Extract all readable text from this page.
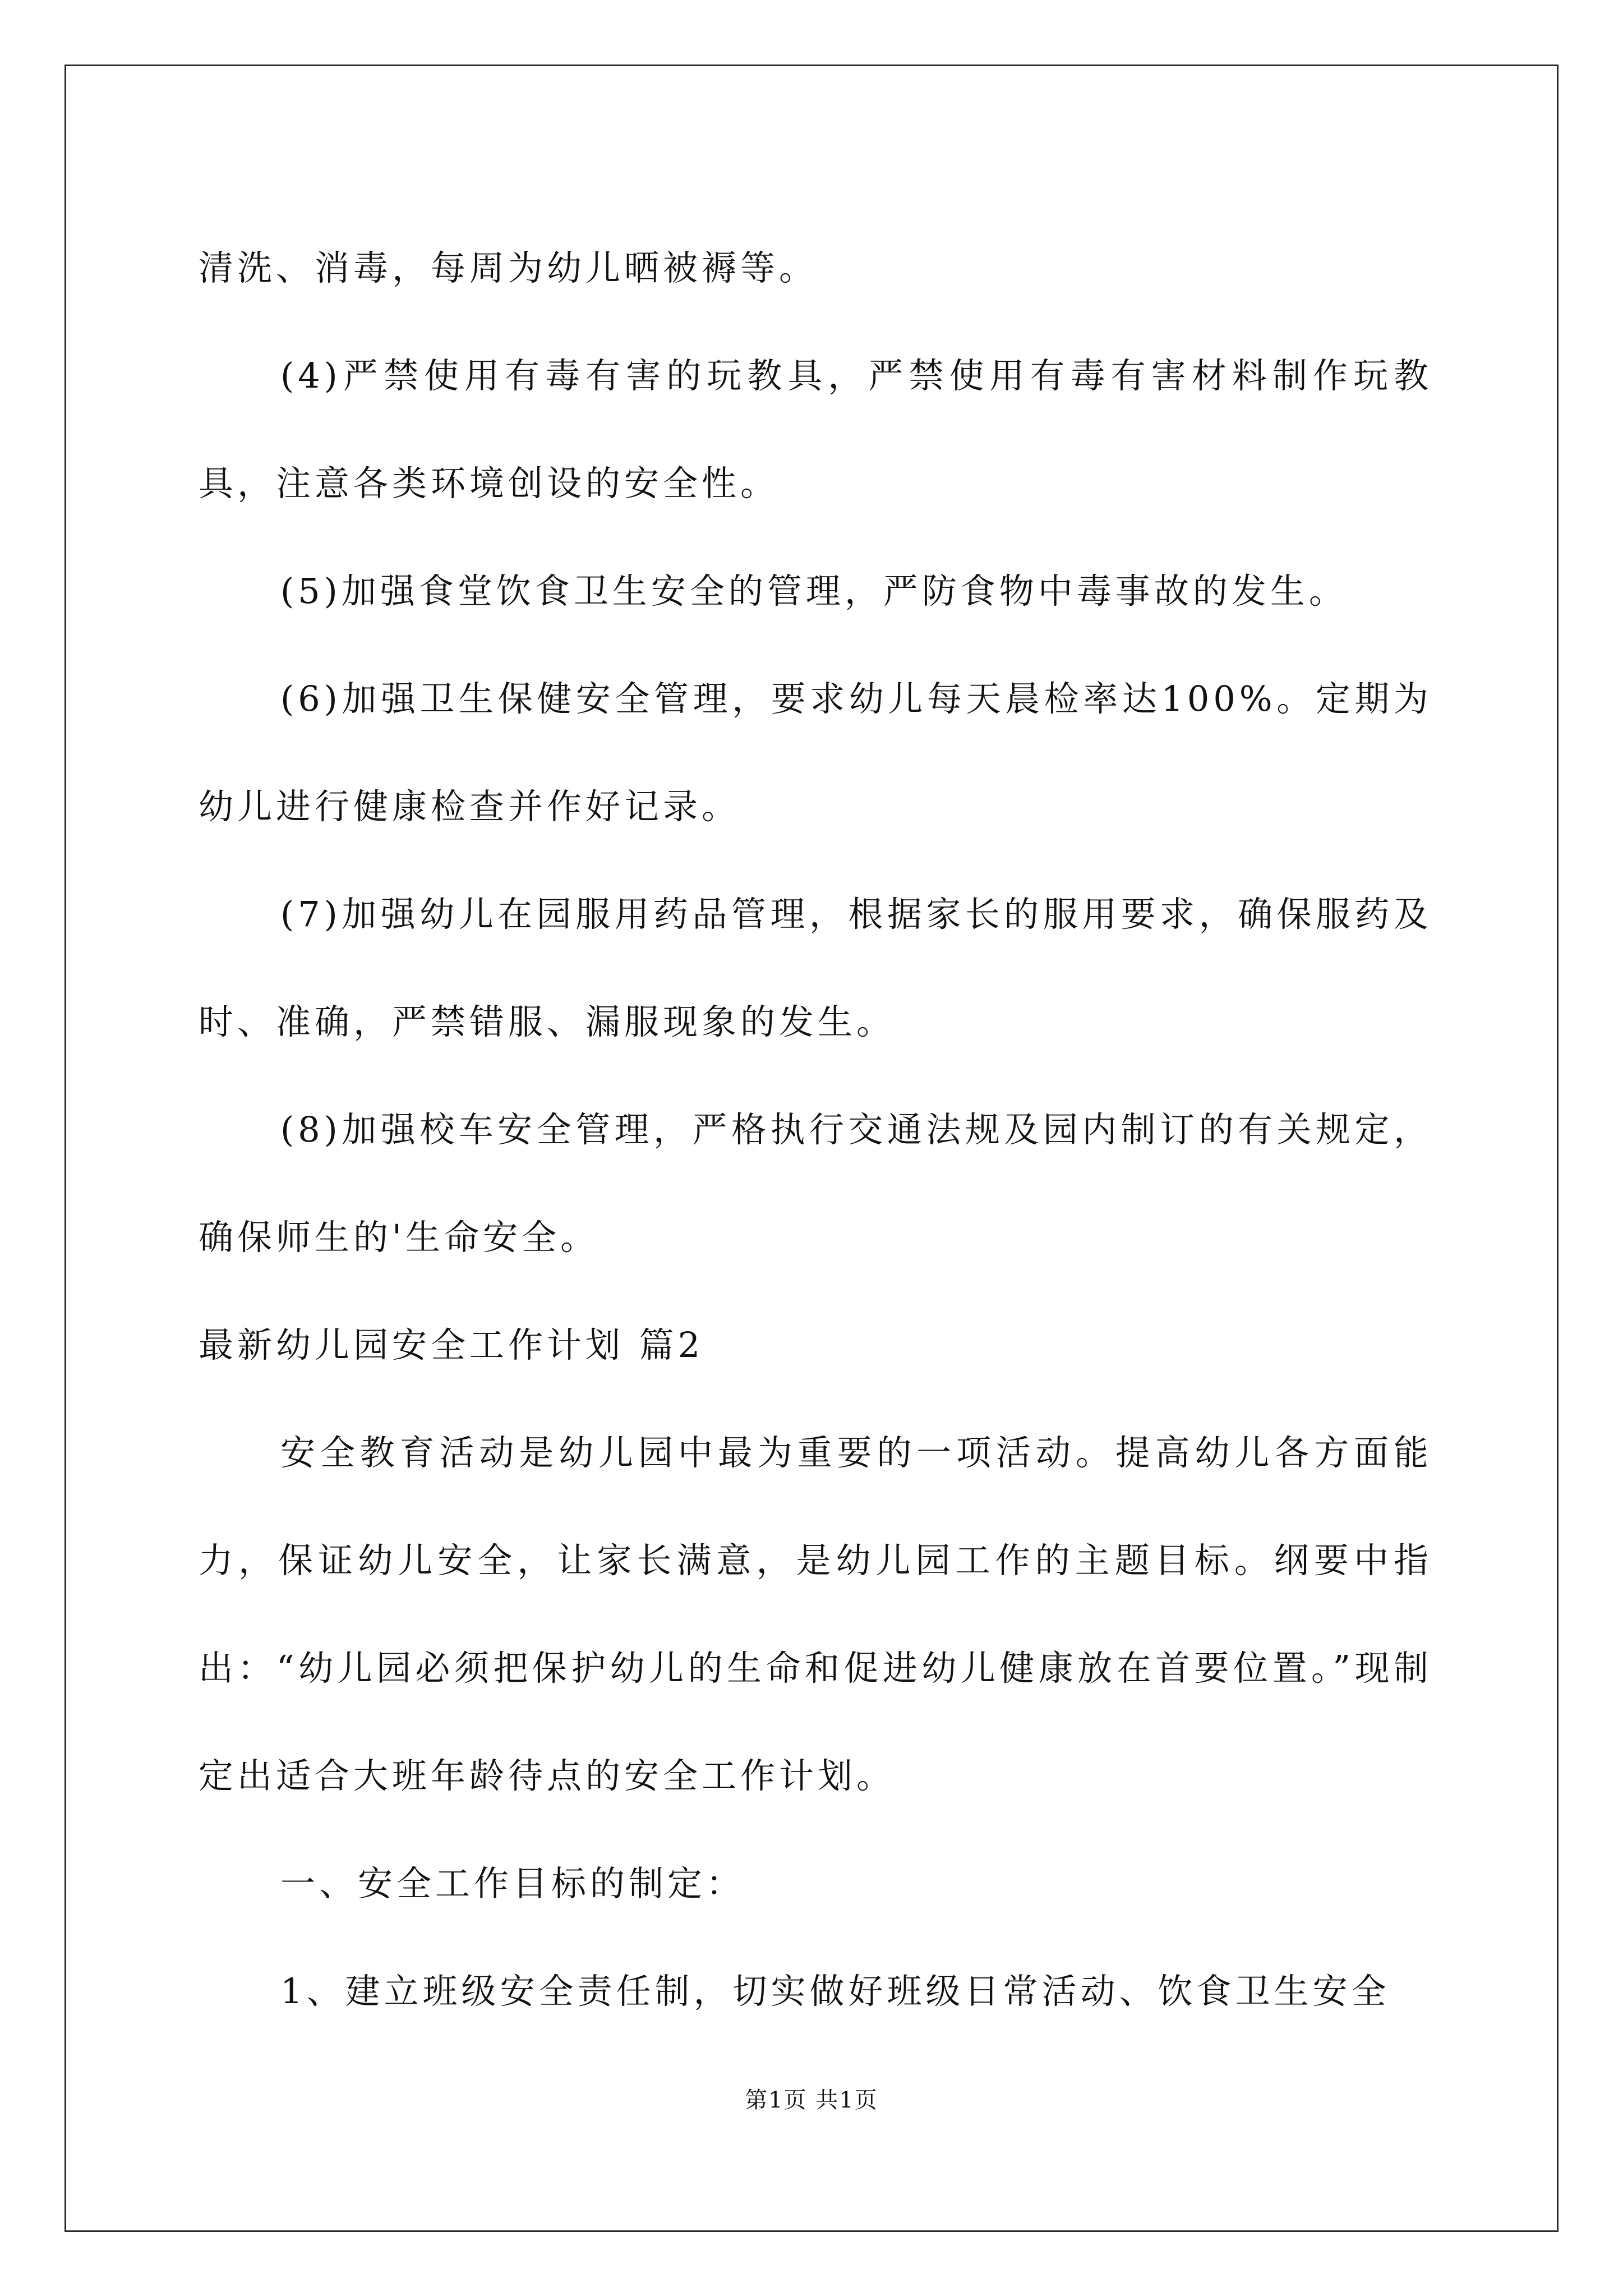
清洗、消毒，每周为幼儿晒被褥等。

(4)严禁使用有毒有害的玩教具，严禁使用有毒有害材料制作玩教具，注意各类环境创设的安全性。

(5)加强食堂饮食卫生安全的管理，严防食物中毒事故的发生。

(6)加强卫生保健安全管理，要求幼儿每天晨检率达100%。定期为幼儿进行健康检查并作好记录。

(7)加强幼儿在园服用药品管理，根据家长的服用要求，确保服药及时、准确，严禁错服、漏服现象的发生。

(8)加强校车安全管理，严格执行交通法规及园内制订的有关规定，确保师生的'生命安全。

最新幼儿园安全工作计划 篇2

安全教育活动是幼儿园中最为重要的一项活动。提高幼儿各方面能力，保证幼儿安全，让家长满意，是幼儿园工作的主题目标。纲要中指出：“幼儿园必须把保护幼儿的生命和促进幼儿健康放在首要位置。”现制定出适合大班年龄待点的安全工作计划。

一、安全工作目标的制定：

1、建立班级安全责任制，切实做好班级日常活动、饮食卫生安全

第1页 共1页
